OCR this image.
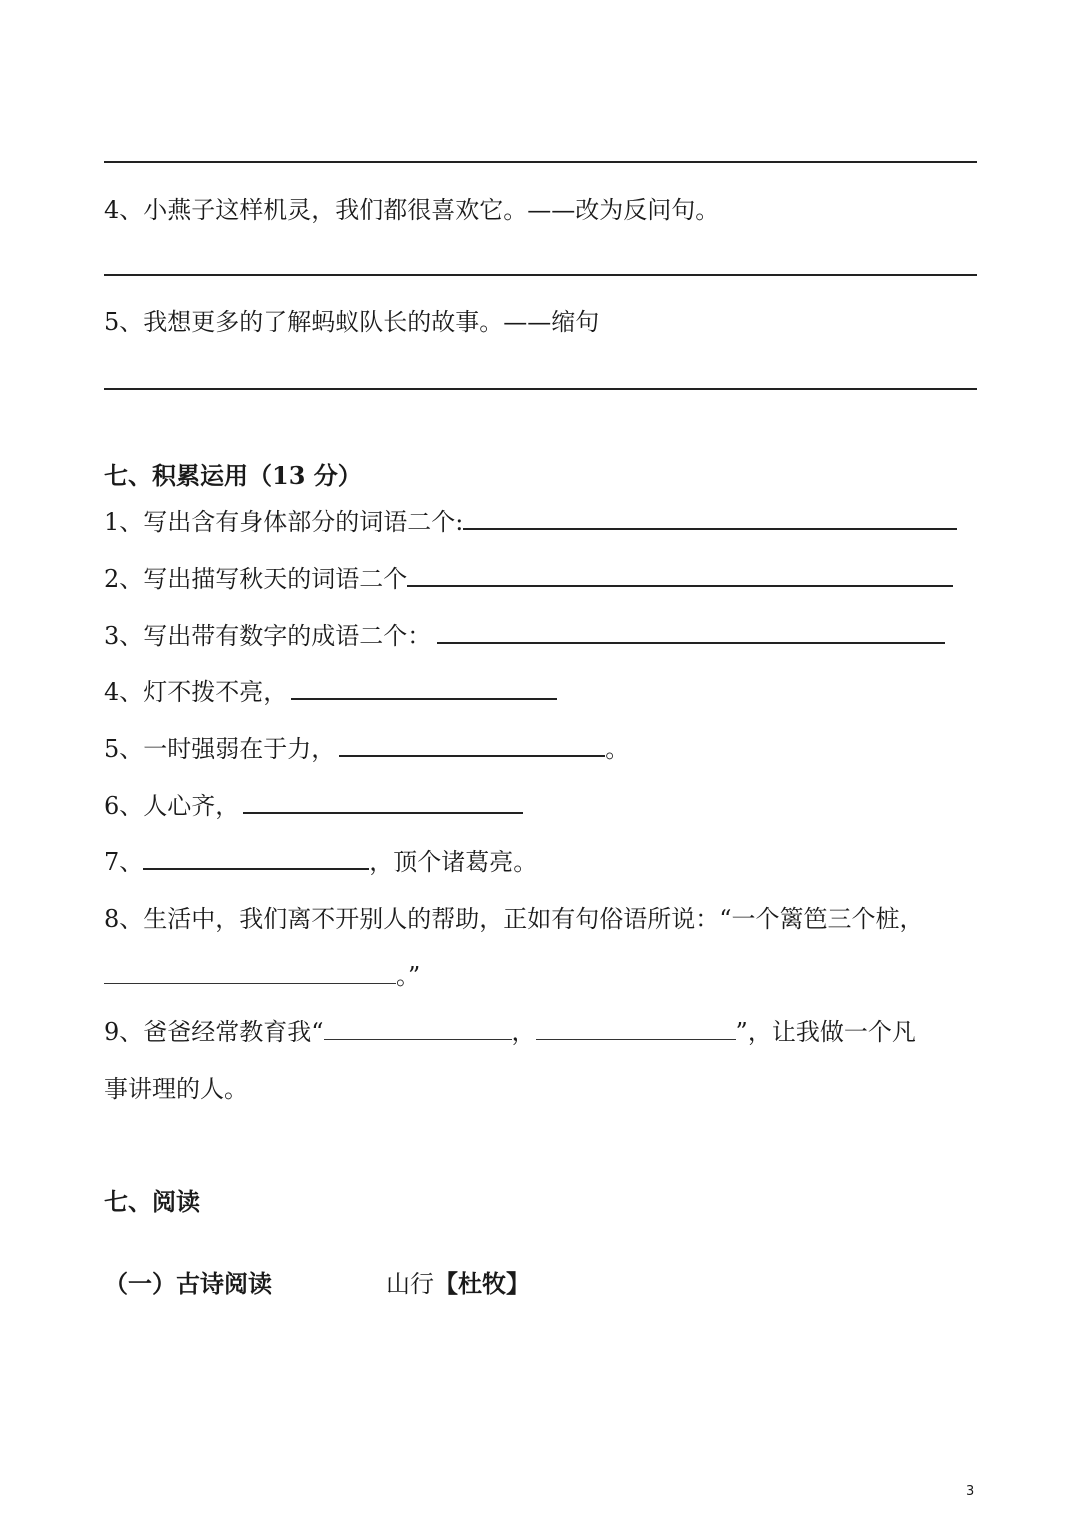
4、小燕子这样机灵，我们都很喜欢它。——改为反问句。
5、我想更多的了解蚂蚁队长的故事。——缩句
七、积累运用（13 分）
1、写出含有身体部分的词语二个:
2、写出描写秋天的词语二个
3、写出带有数字的成语二个：
4、灯不拨不亮，
5、一时强弱在于力，	。
6、人心齐，
7、	，顶个诸葛亮。
8、生活中，我们离不开别人的帮助，正如有句俗语所说：“一个篱笆三个桩，
。”
9、爸爸经常教育我“	，	”，让我做一个凡
事讲理的人。
七、阅读
（一）古诗阅读	山行【杜牧】
3
